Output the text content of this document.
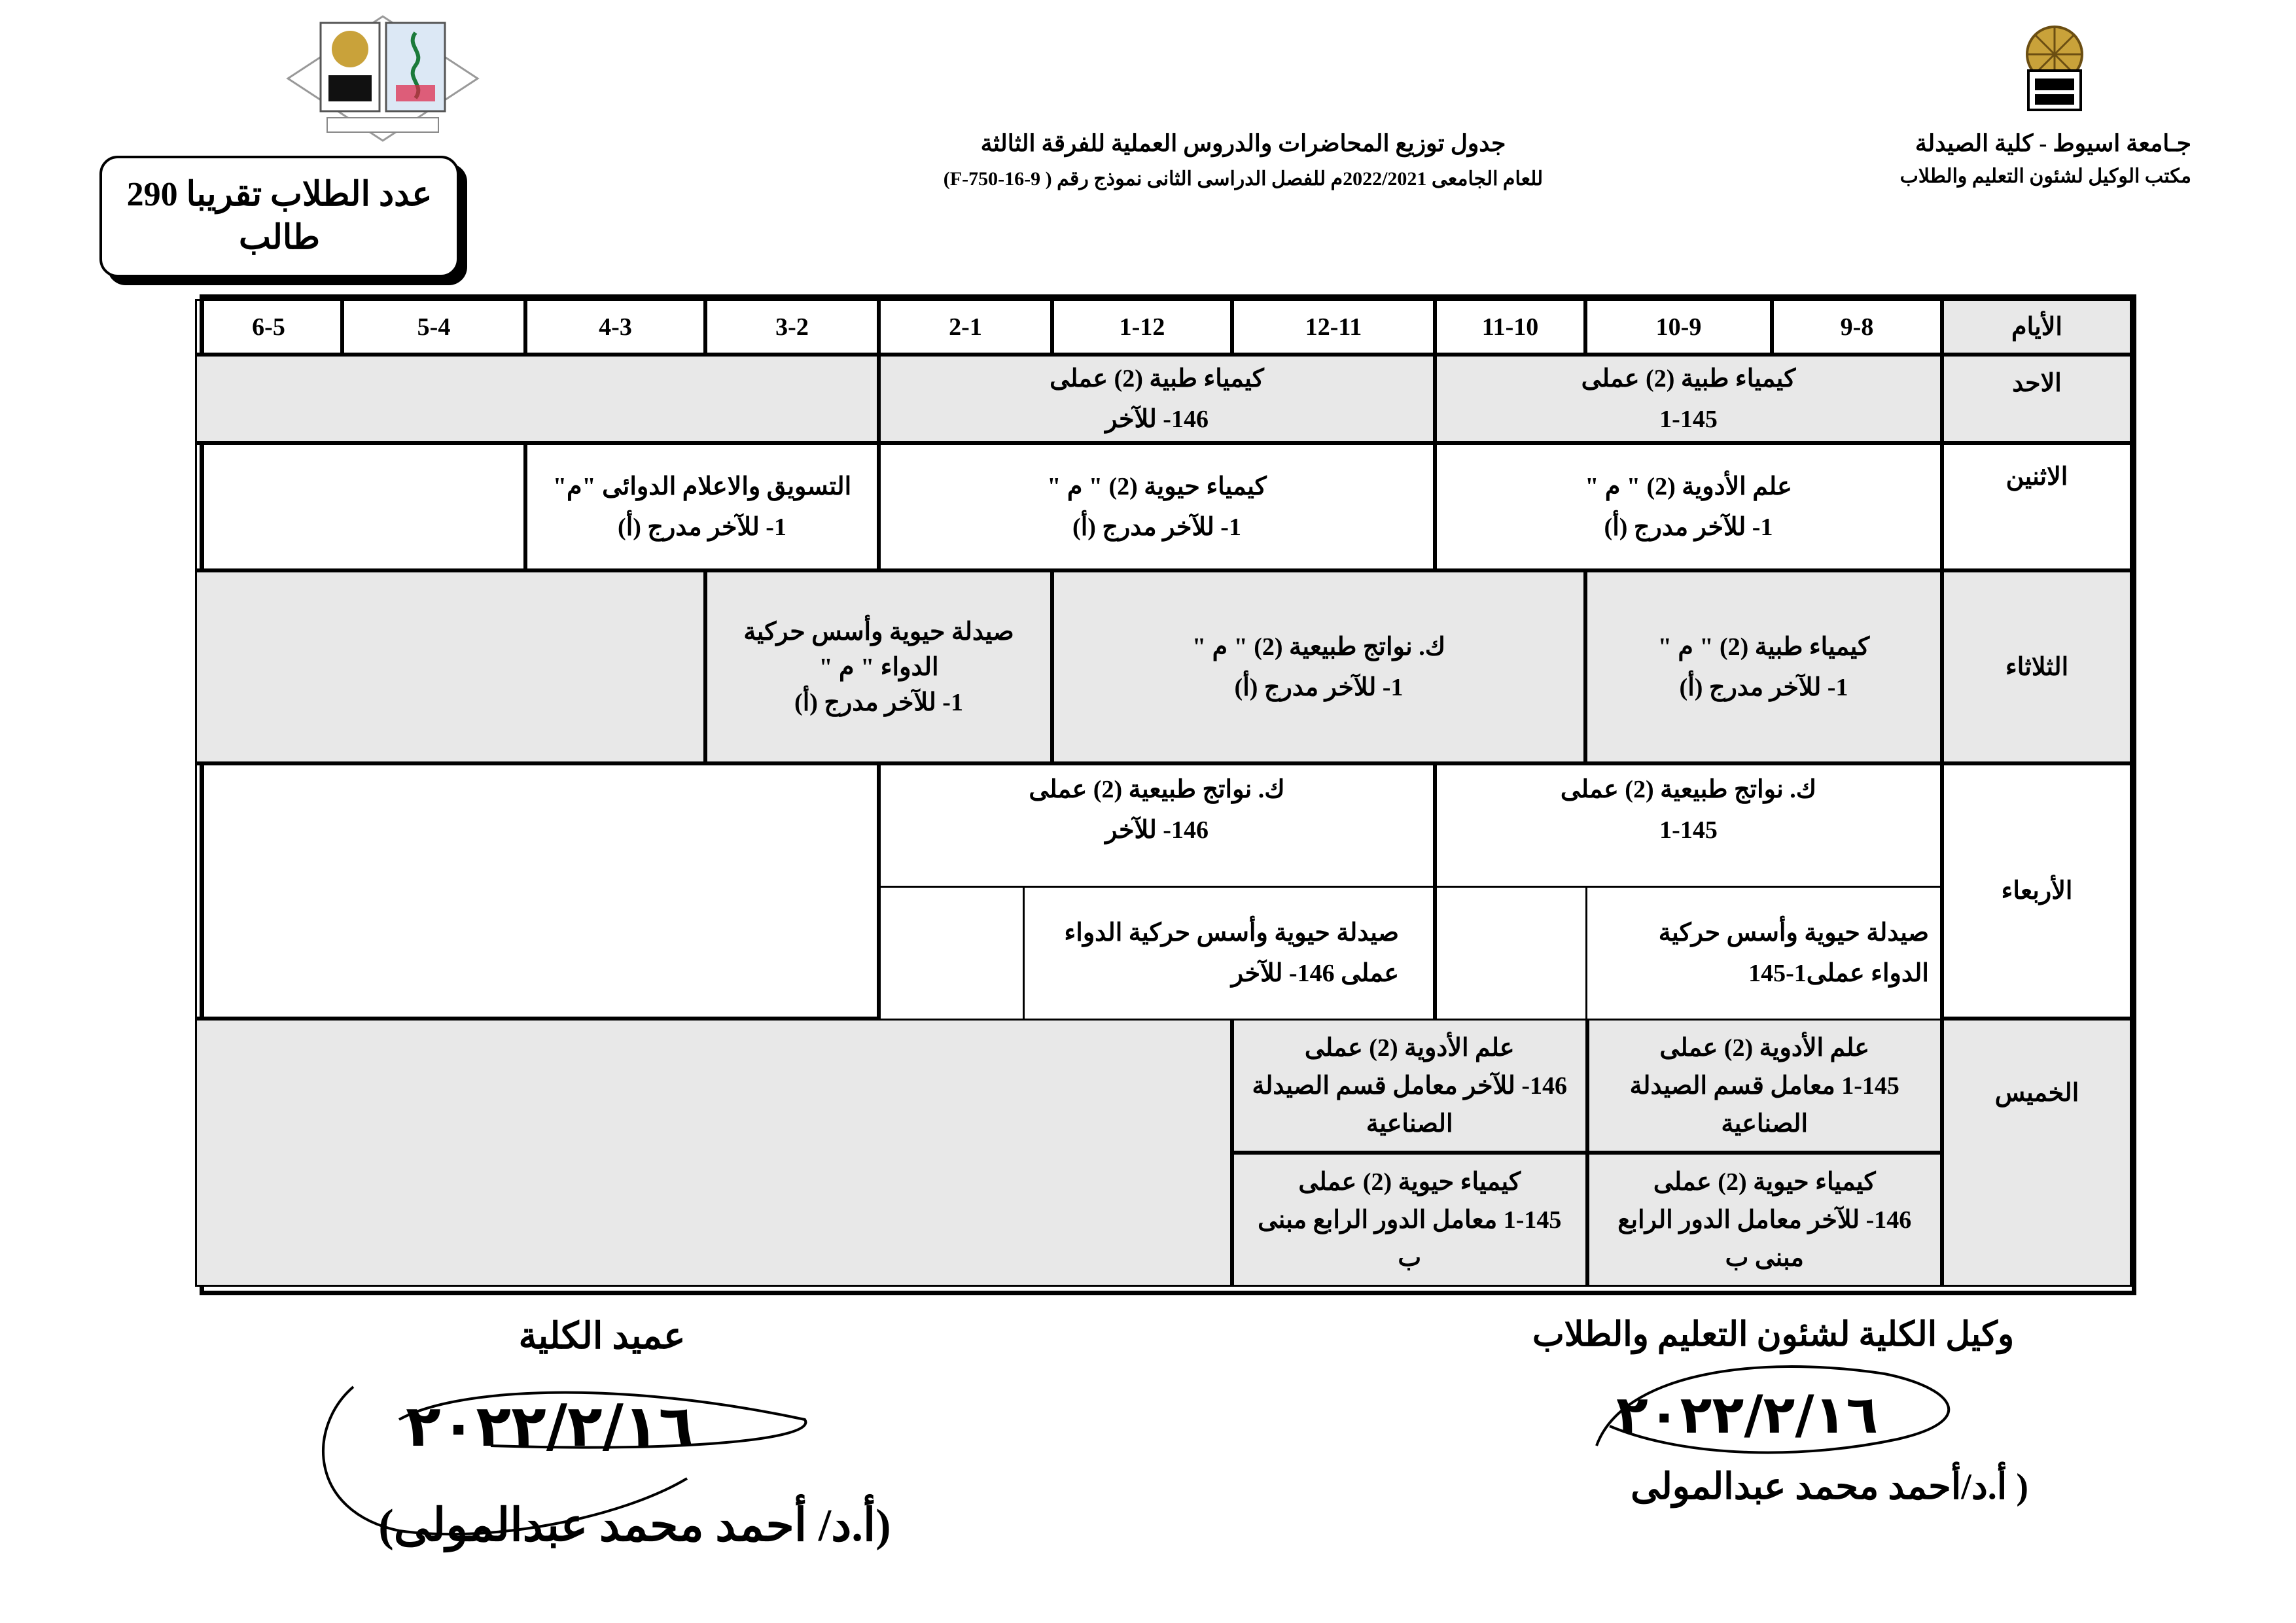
جـامعة اسيوط - كلية الصيدلة
مكتب الوكيل لشئون التعليم والطلاب
جدول توزيع المحاضرات والدروس العملية للفرقة الثالثة
للعام الجامعى 2022/2021م للفصل الدراسى الثانى نموذج رقم ( F-750-16-9)
عدد الطلاب تقريبا 290
طالب
الأيام
9-8
10-9
11-10
12-11
1-12
2-1
3-2
4-3
5-4
6-5
الاحد
كيمياء طبية (2) عملى
1-145
كيمياء طبية (2) عملى
146- للآخر
الاثنين
علم الأدوية (2) " م "
1- للآخر مدرج (أ)
كيمياء حيوية (2) " م "
1- للآخر مدرج (أ)
التسويق والاعلام الدوائى "م"
1- للآخر مدرج (أ)
الثلاثاء
كيمياء طبية (2) " م "
1- للآخر مدرج (أ)
ك. نواتج طبيعية (2) " م "
1- للآخر مدرج (أ)
صيدلة حيوية وأسس حركية
الدواء " م "
1- للآخر مدرج (أ)
الأربعاء
ك. نواتج طبيعية (2) عملى
1-145
ك. نواتج طبيعية (2) عملى
146- للآخر
صيدلة حيوية وأسس حركية
الدواء عملى1-145
صيدلة حيوية وأسس حركية الدواء
عملى 146- للآخر
الخميس
علم الأدوية (2) عملى
1-145 معامل قسم الصيدلة
الصناعية
علم الأدوية (2) عملى
146- للآخر معامل قسم الصيدلة
الصناعية
كيمياء حيوية (2) عملى
146- للآخر معامل الدور الرابع
مبنى ب
كيمياء حيوية (2) عملى
1-145 معامل الدور الرابع مبنى
ب
وكيل الكلية لشئون التعليم والطلاب
٢٠٢٢/٢/١٦
( أ.د/أحمد محمد عبدالمولى
عميد الكلية
٢٠٢٢/٢/١٦
(أ.د/ أحمد محمد عبدالمولى)
